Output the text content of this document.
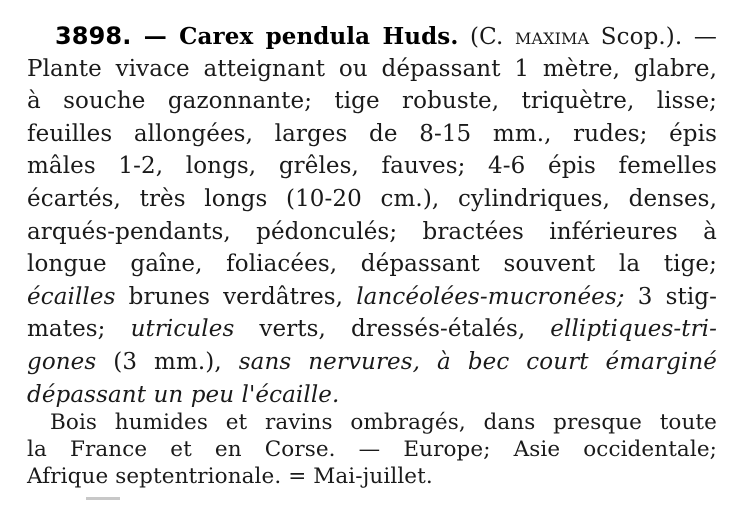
3898. — Carex pendula Huds. (C. maxima Scop.). —
Plante vivace atteignant ou dépassant 1 mètre, glabre,
à souche gazonnante; tige robuste, triquètre, lisse;
feuilles allongées, larges de 8-15 mm., rudes; épis
mâles 1-2, longs, grêles, fauves; 4-6 épis femelles
écartés, très longs (10-20 cm.), cylindriques, denses,
arqués-pendants, pédonculés; bractées inférieures à
longue gaîne, foliacées, dépassant souvent la tige;
écailles brunes verdâtres, lancéolées-mucronées; 3 stig-
mates; utricules verts, dressés-étalés, elliptiques-tri-
gones (3 mm.), sans nervures, à bec court émarginé
dépassant un peu l'écaille.
Bois humides et ravins ombragés, dans presque toute
la France et en Corse. — Europe; Asie occidentale;
Afrique septentrionale. = Mai-juillet.
